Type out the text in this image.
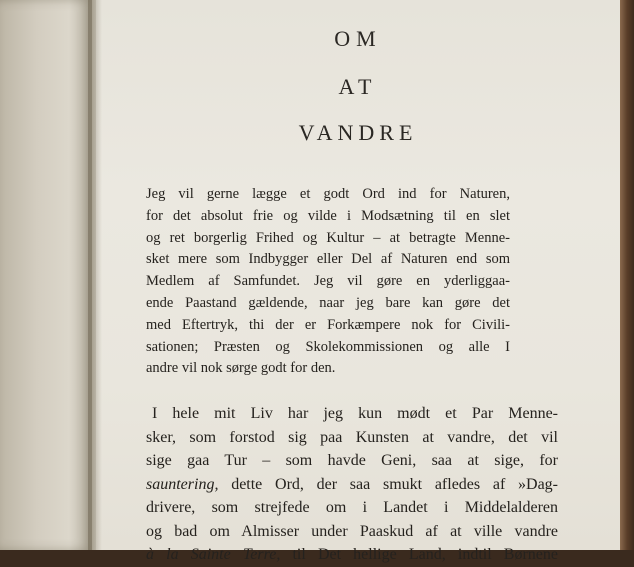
OM
AT
VANDRE
Jeg vil gerne lægge et godt Ord ind for Naturen,
for det absolut frie og vilde i Modsætning til en slet
og ret borgerlig Frihed og Kultur – at betragte Menne-
sket mere som Indbygger eller Del af Naturen end som
Medlem af Samfundet. Jeg vil gøre en yderliggaa-
ende Paastand gældende, naar jeg bare kan gøre det
med Eftertryk, thi der er Forkæmpere nok for Civili-
sationen; Præsten og Skolekommissionen og alle I
andre vil nok sørge godt for den.
I hele mit Liv har jeg kun mødt et Par Menne-
sker, som forstod sig paa Kunsten at vandre, det vil
sige gaa Tur – som havde Geni, saa at sige, for
sauntering, dette Ord, der saa smukt afledes af »Dag-
drivere, som strejfede om i Landet i Middelalderen
og bad om Almisser under Paaskud af at ville vandre
à la Sainte Terre, til Det hellige Land, indtil Børnene
